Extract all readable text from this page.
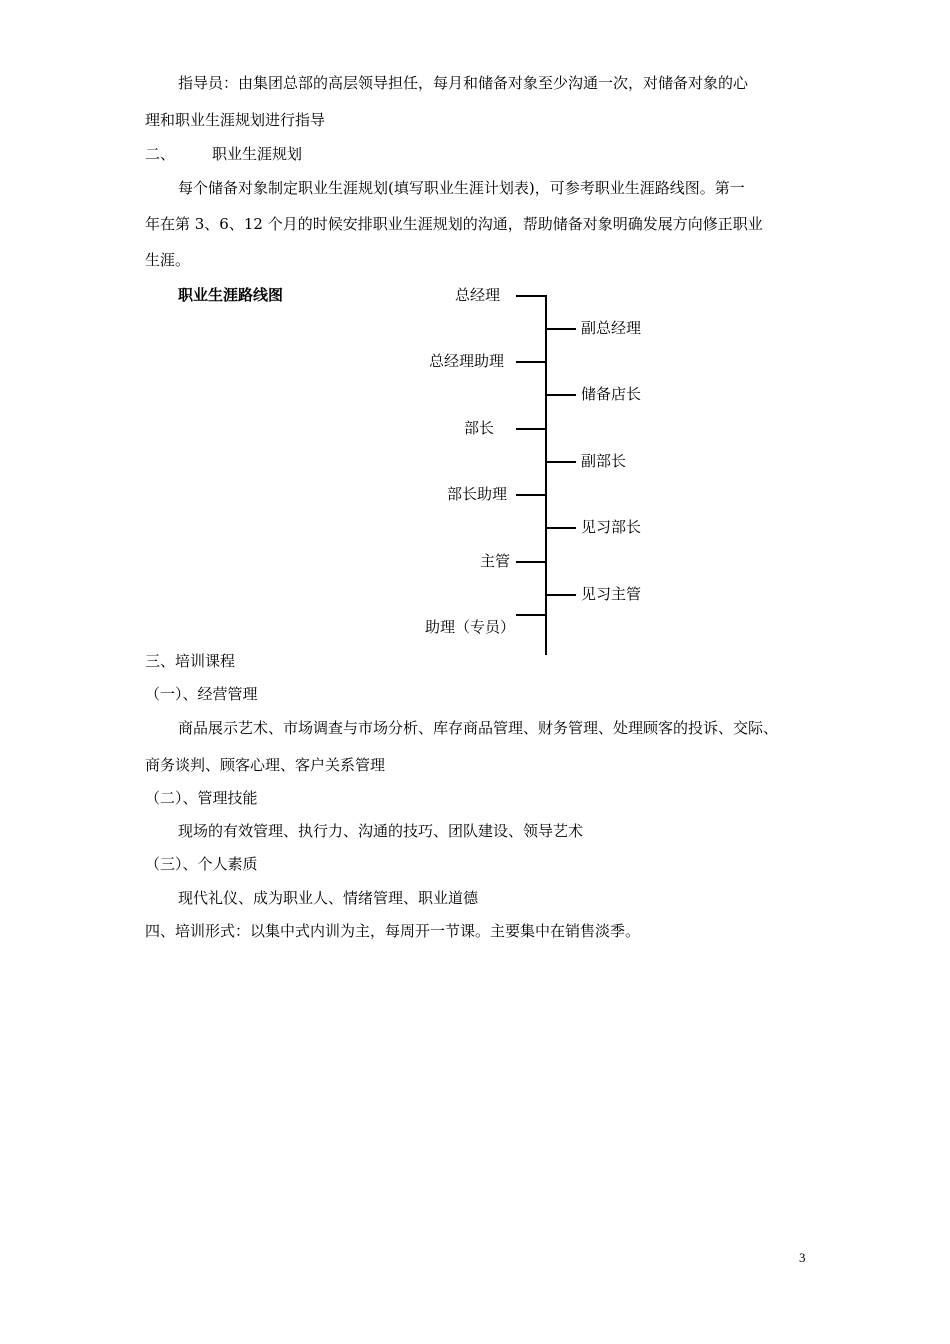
指导员：由集团总部的高层领导担任，每月和储备对象至少沟通一次，对储备对象的心
理和职业生涯规划进行指导
二、 职业生涯规划
每个储备对象制定职业生涯规划(填写职业生涯计划表)，可参考职业生涯路线图。第一
年在第 3、6、12 个月的时候安排职业生涯规划的沟通，帮助储备对象明确发展方向修正职业
生涯。
职业生涯路线图	总经理
总经理助理
部长
部长助理
主管
助理（专员）
副总经理
储备店长
副部长
见习部长
见习主管
三、培训课程
（一）、经营管理
商品展示艺术、市场调查与市场分析、库存商品管理、财务管理、处理顾客的投诉、交际、
商务谈判、顾客心理、客户关系管理
（二）、管理技能
现场的有效管理、执行力、沟通的技巧、团队建设、领导艺术
（三）、个人素质
现代礼仪、成为职业人、情绪管理、职业道德
四、培训形式：以集中式内训为主，每周开一节课。主要集中在销售淡季。
3
